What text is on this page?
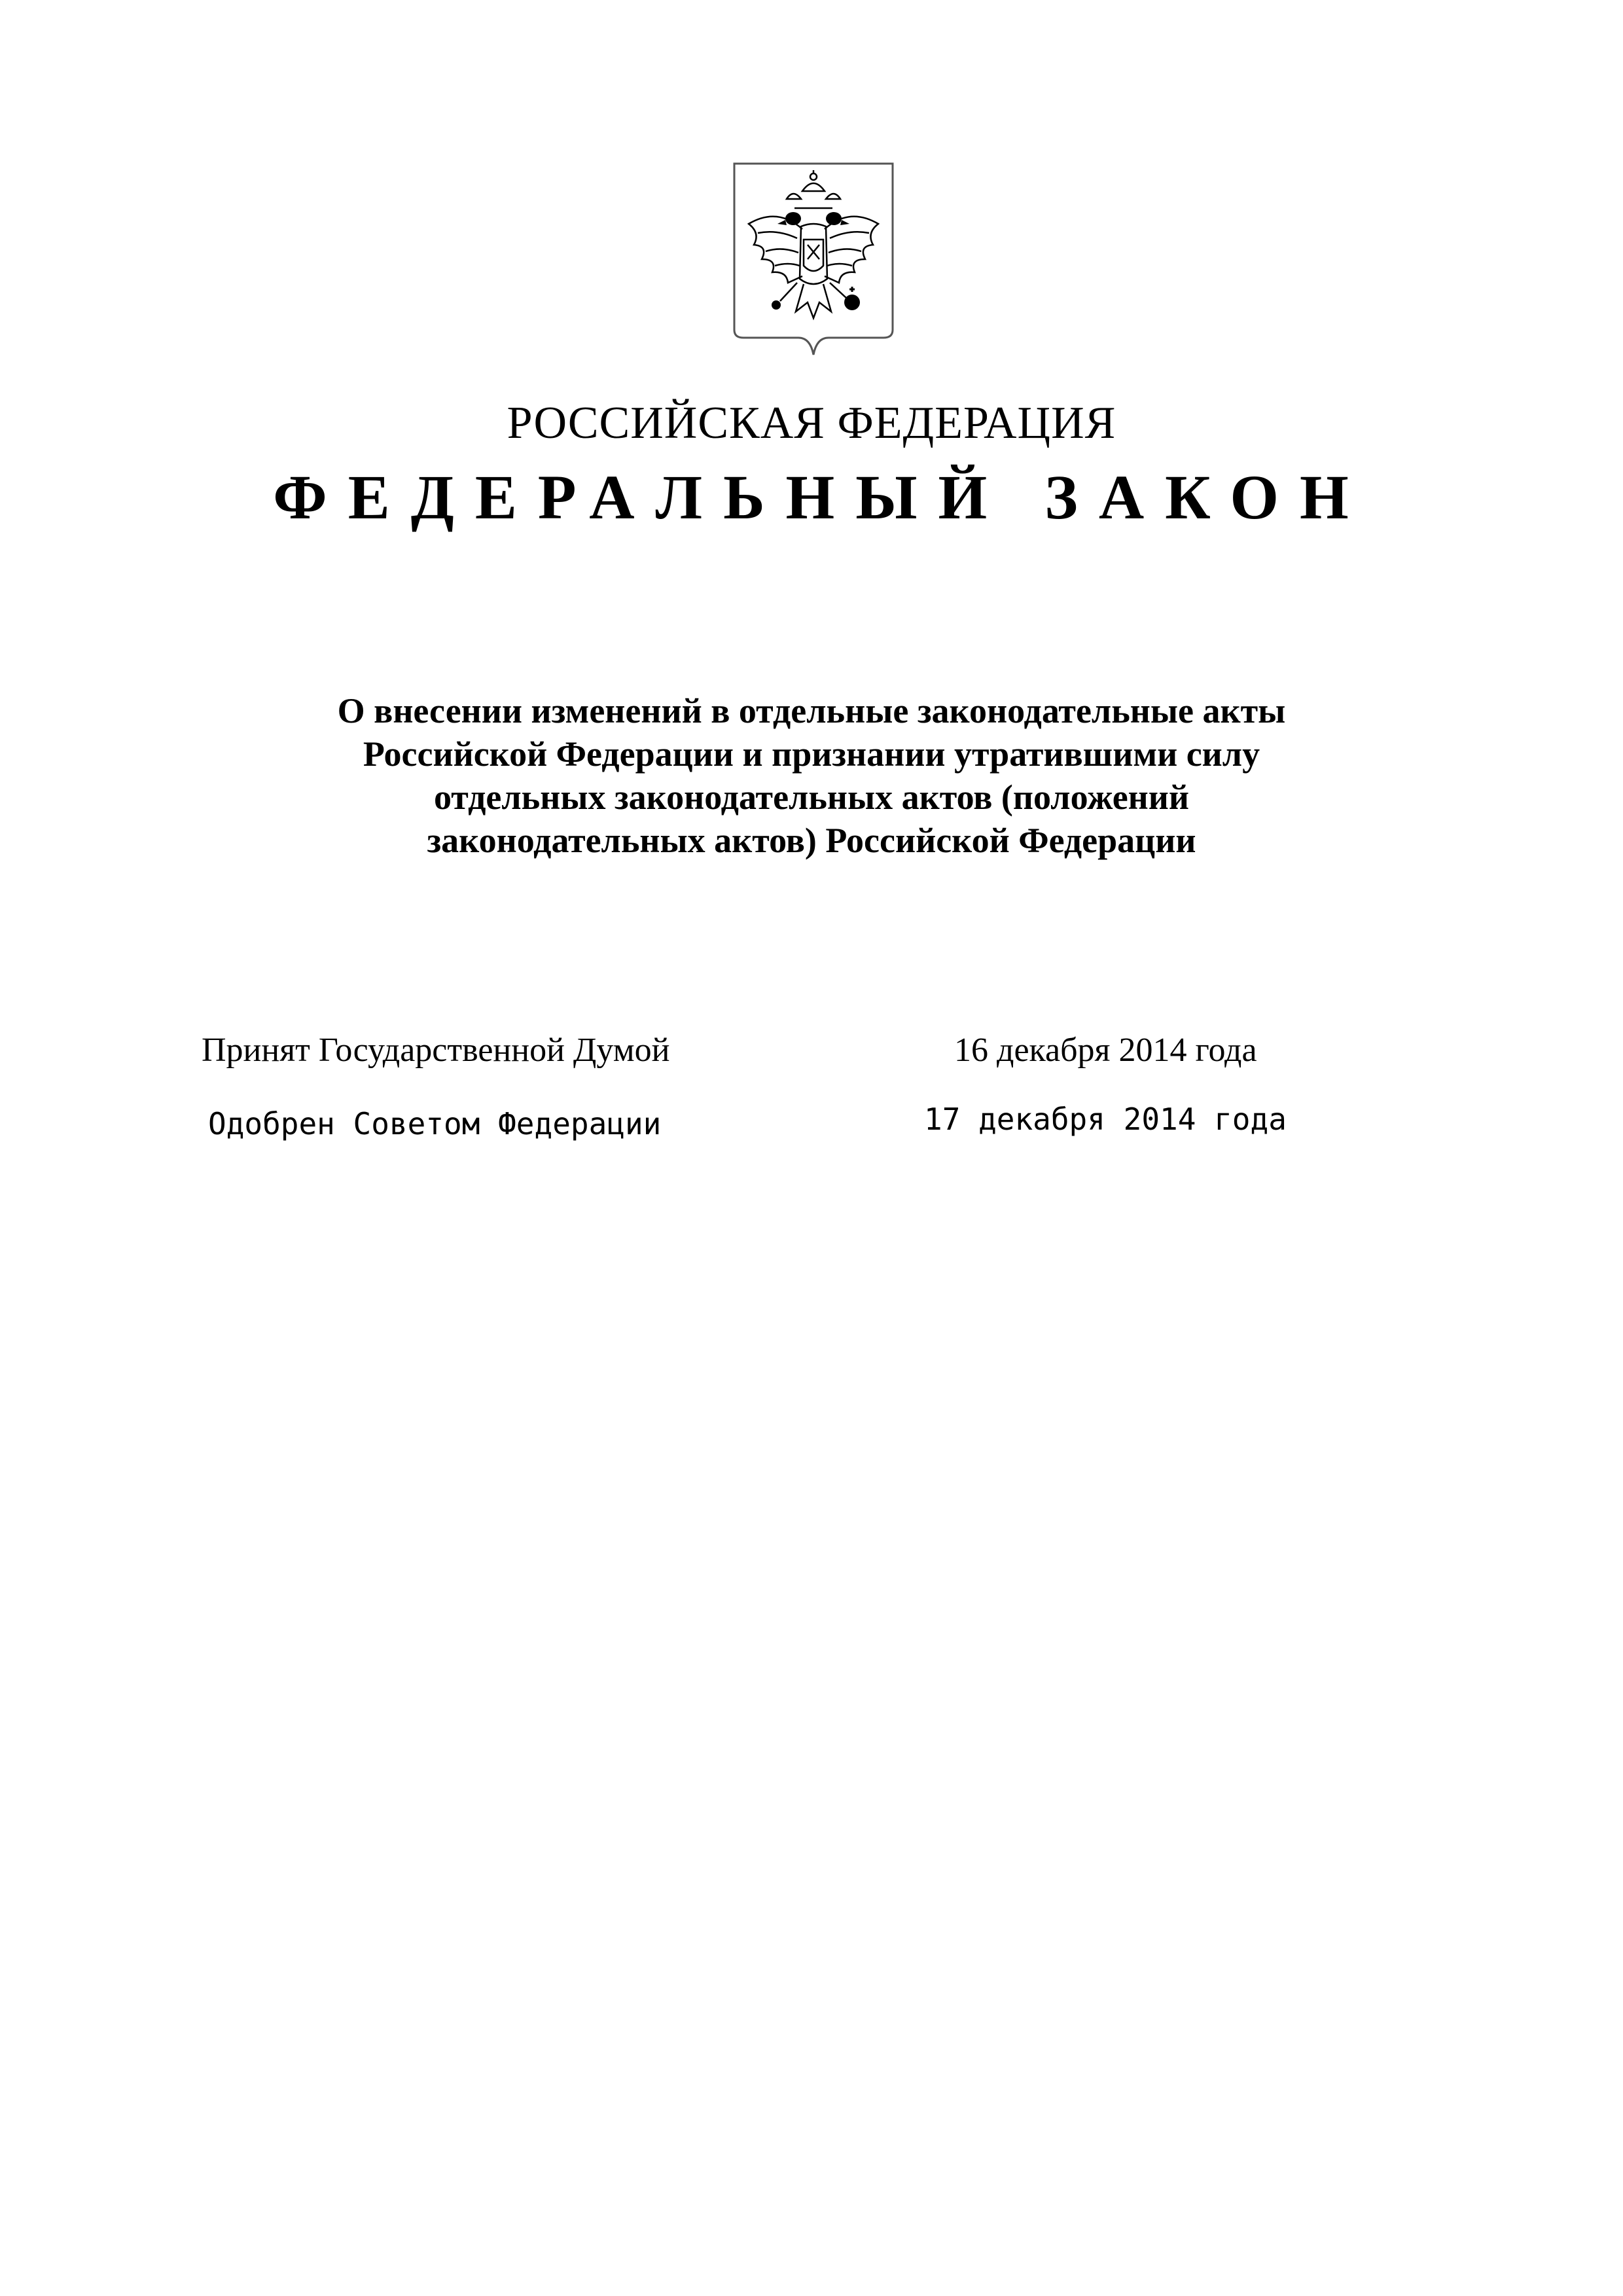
РОССИЙСКАЯ ФЕДЕРАЦИЯ
ФЕДЕРАЛЬНЫЙ ЗАКОН
О внесении изменений в отдельные законодательные акты
Российской Федерации и признании утратившими силу
отдельных законодательных актов (положений
законодательных актов) Российской Федерации
Принят Государственной Думой	16 декабря 2014 года
Одобрен Советом Федерации	17 декабря 2014 года
